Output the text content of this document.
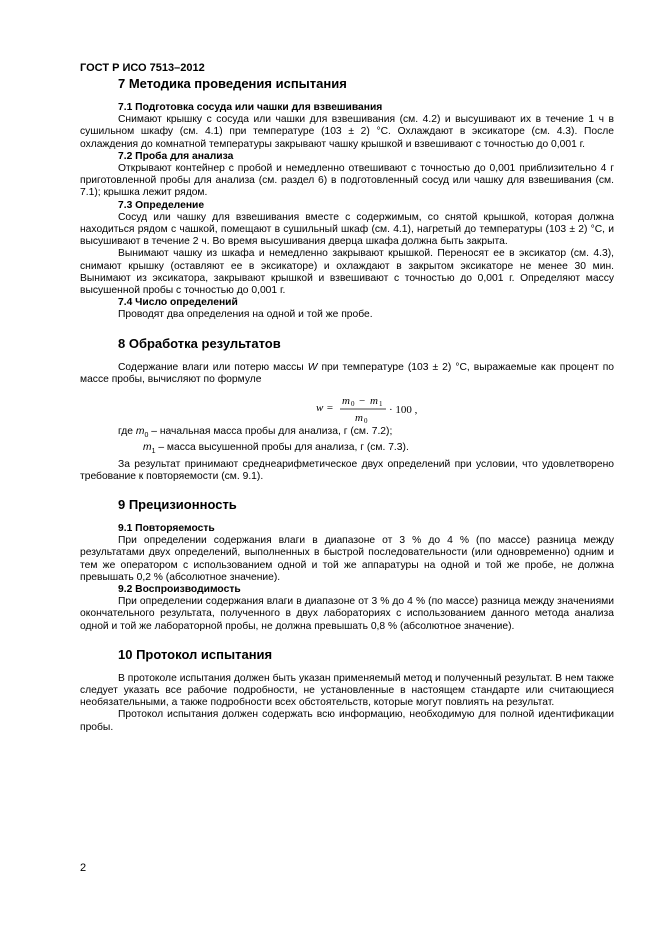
ГОСТ Р ИСО 7513–2012
7 Методика проведения испытания
7.1 Подготовка сосуда или чашки для взвешивания

Снимают крышку с сосуда или чашки для взвешивания (см. 4.2) и высушивают их в течение 1 ч в сушильном шкафу (см. 4.1) при температуре (103 ± 2) °С. Охлаждают в эксикаторе (см. 4.3). После охлаждения до комнатной температуры закрывают чашку крышкой и взвешивают с точностью до 0,001 г.

7.2 Проба для анализа

Открывают контейнер с пробой и немедленно отвешивают с точностью до 0,001 приблизительно 4 г приготовленной пробы для анализа (см. раздел 6) в подготовленный сосуд или чашку для взвешивания (см. 7.1); крышка лежит рядом.

7.3 Определение

Сосуд или чашку для взвешивания вместе с содержимым, со снятой крышкой, которая должна находиться рядом с чашкой, помещают в сушильный шкаф (см. 4.1), нагретый до температуры (103 ± 2) °С, и высушивают в течение 2 ч. Во время высушивания дверца шкафа должна быть закрыта.

Вынимают чашку из шкафа и немедленно закрывают крышкой. Переносят ее в эксикатор (см. 4.3), снимают крышку (оставляют ее в эксикаторе) и охлаждают в закрытом эксикаторе не менее 30 мин. Вынимают из эксикатора, закрывают крышкой и взвешивают с точностью до 0,001 г. Определяют массу высушенной пробы с точностью до 0,001 г.

7.4 Число определений

Проводят два определения на одной и той же пробе.

8 Обработка результатов

Содержание влаги или потерю массы W при температуре (103 ± 2) °С, выражаемые как процент по массе пробы, вычисляют по формуле

w =
m 0 − m 1
m 0
· 100 ,
где $m_0$ – начальная масса пробы для анализа, г (см. 7.2);
$m_1$ – масса высушенной пробы для анализа, г (см. 7.3).

За результат принимают среднеарифметическое двух определений при условии, что удовлетворено требование к повторяемости (см. 9.1).

9 Прецизионность
9.1 Повторяемость

При определении содержания влаги в диапазоне от 3 % до 4 % (по массе) разница между результатами двух определений, выполненных в быстрой последовательности (или одновременно) одним и тем же оператором с использованием одной и той же аппаратуры на одной и той же пробе, не должна превышать 0,2 % (абсолютное значение).

9.2 Воспроизводимость

При определении содержания влаги в диапазоне от 3 % до 4 % (по массе) разница между значениями окончательного результата, полученного в двух лабораториях с использованием данного метода анализа одной и той же лабораторной пробы, не должна превышать 0,8 % (абсолютное значение).

10 Протокол испытания

В протоколе испытания должен быть указан применяемый метод и полученный результат. В нем также следует указать все рабочие подробности, не установленные в настоящем стандарте или считающиеся необязательными, а также подробности всех обстоятельств, которые могут повлиять на результат.

Протокол испытания должен содержать всю информацию, необходимую для полной идентификации пробы.

2
